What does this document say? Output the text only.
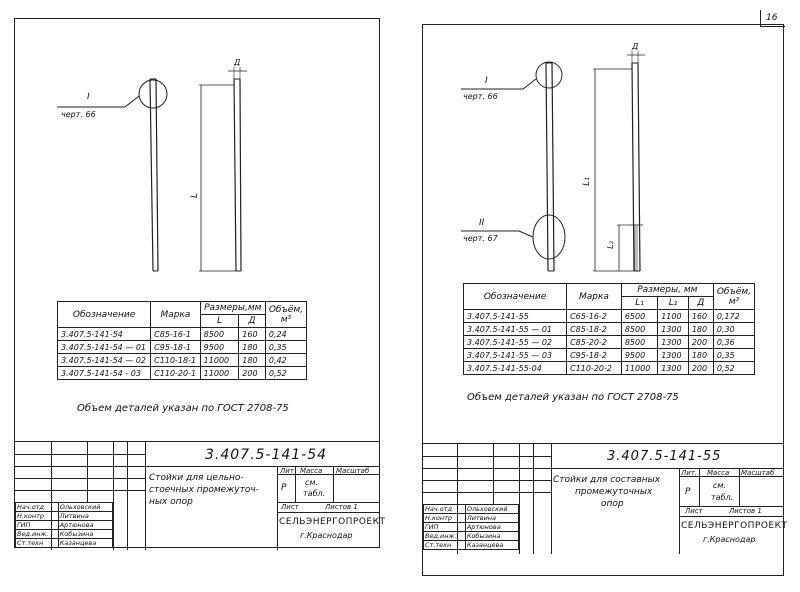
16
I
черт. 66
L
Д
Обозначение	Марка	Размеры,мм		Объём, м³
		L	Д	
3.407.5-141-54	С85-16-1	8500	160	0,24
3.407.5-141-54 — 01	С95-18-1	9500	180	0,35
3.407.5-141-54 — 02	С110-18-1	11000	180	0,42
3.407.5-141-54 - 03	С110-20-1	11000	200	0,52
Объем деталей указан по ГОСТ 2708-75
3.407.5-141-54
Стойки для цельно-
стоечных промежуточ-
ных опор
Лит Масса Масштаб
Р
см.
табл.
Лист	Листов 1
СЕЛЬЭНЕРГОПРОЕКТ
г.Краснодар
Нач.отд	Ольховский
Н.контр	Литвина
ГИП	Артюнова
Вед.инж.	Кобызина
Ст.техн	Казанцева
I
черт. 66
II
черт. 67
L₁
L₂
Д
Обозначение	Марка	Размеры, мм			Объём, м³
		L₁	L₂	Д	
3.407.5-141-55	С65-16-2	6500	1100	160	0,172
3.407.5-141-55 — 01	С85-18-2	8500	1300	180	0,30
3.407.5-141-55 — 02	С85-20-2	8500	1300	200	0,36
3.407.5-141-55 — 03	С95-18-2	9500	1300	180	0,35
3.407.5-141-55-04	С110-20-2	11000	1300	200	0,52
Объем деталей указан по ГОСТ 2708-75
3.407.5-141-55
Стойки для составных
промежуточных
опор
Лит. Масса Масштаб
Р
см.
табл.
Лист	Листов 1
СЕЛЬЭНЕРГОПРОЕКТ
г.Краснодар
Нач.отд	Ольховский
Н.контр	Литвина
ГИП	Артюнова
Вед.инж.	Кобызина
Ст.техн	Казанцева
